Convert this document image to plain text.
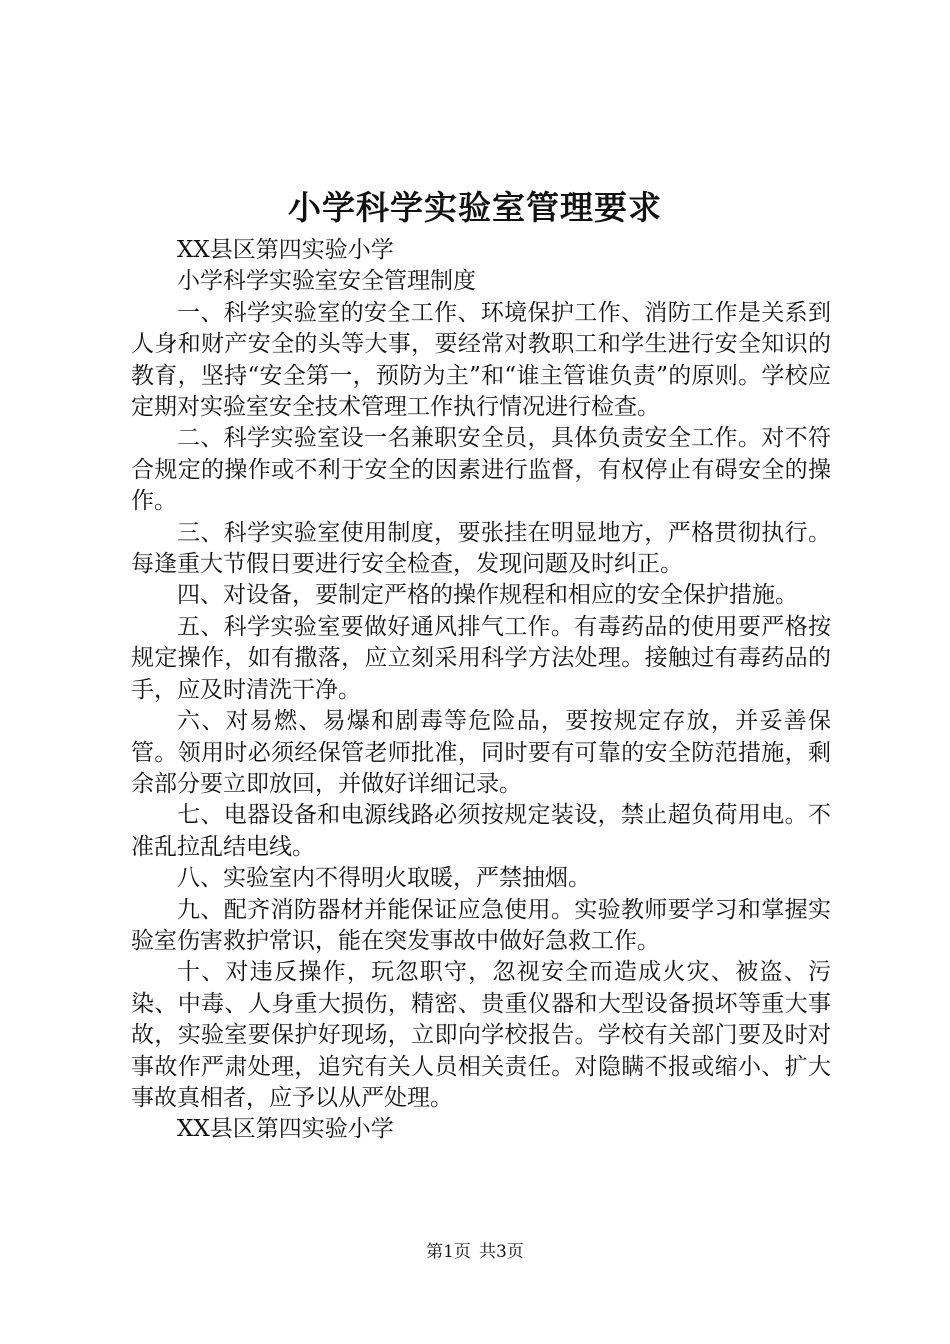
小学科学实验室管理要求

XX县区第四实验小学

小学科学实验室安全管理制度

一、科学实验室的安全工作、环境保护工作、消防工作是关系到人身和财产安全的头等大事，要经常对教职工和学生进行安全知识的教育，坚持“安全第一，预防为主”和“谁主管谁负责”的原则。学校应定期对实验室安全技术管理工作执行情况进行检查。

二、科学实验室设一名兼职安全员，具体负责安全工作。对不符合规定的操作或不利于安全的因素进行监督，有权停止有碍安全的操作。

三、科学实验室使用制度，要张挂在明显地方，严格贯彻执行。每逢重大节假日要进行安全检查，发现问题及时纠正。

四、对设备，要制定严格的操作规程和相应的安全保护措施。

五、科学实验室要做好通风排气工作。有毒药品的使用要严格按规定操作，如有撒落，应立刻采用科学方法处理。接触过有毒药品的手，应及时清洗干净。

六、对易燃、易爆和剧毒等危险品，要按规定存放，并妥善保管。领用时必须经保管老师批准，同时要有可靠的安全防范措施，剩余部分要立即放回，并做好详细记录。

七、电器设备和电源线路必须按规定装设，禁止超负荷用电。不准乱拉乱结电线。

八、实验室内不得明火取暖，严禁抽烟。

九、配齐消防器材并能保证应急使用。实验教师要学习和掌握实验室伤害救护常识，能在突发事故中做好急救工作。

十、对违反操作，玩忽职守，忽视安全而造成火灾、被盗、污染、中毒、人身重大损伤，精密、贵重仪器和大型设备损坏等重大事故，实验室要保护好现场，立即向学校报告。学校有关部门要及时对事故作严肃处理，追究有关人员相关责任。对隐瞒不报或缩小、扩大事故真相者，应予以从严处理。

XX县区第四实验小学

第1页 共3页
